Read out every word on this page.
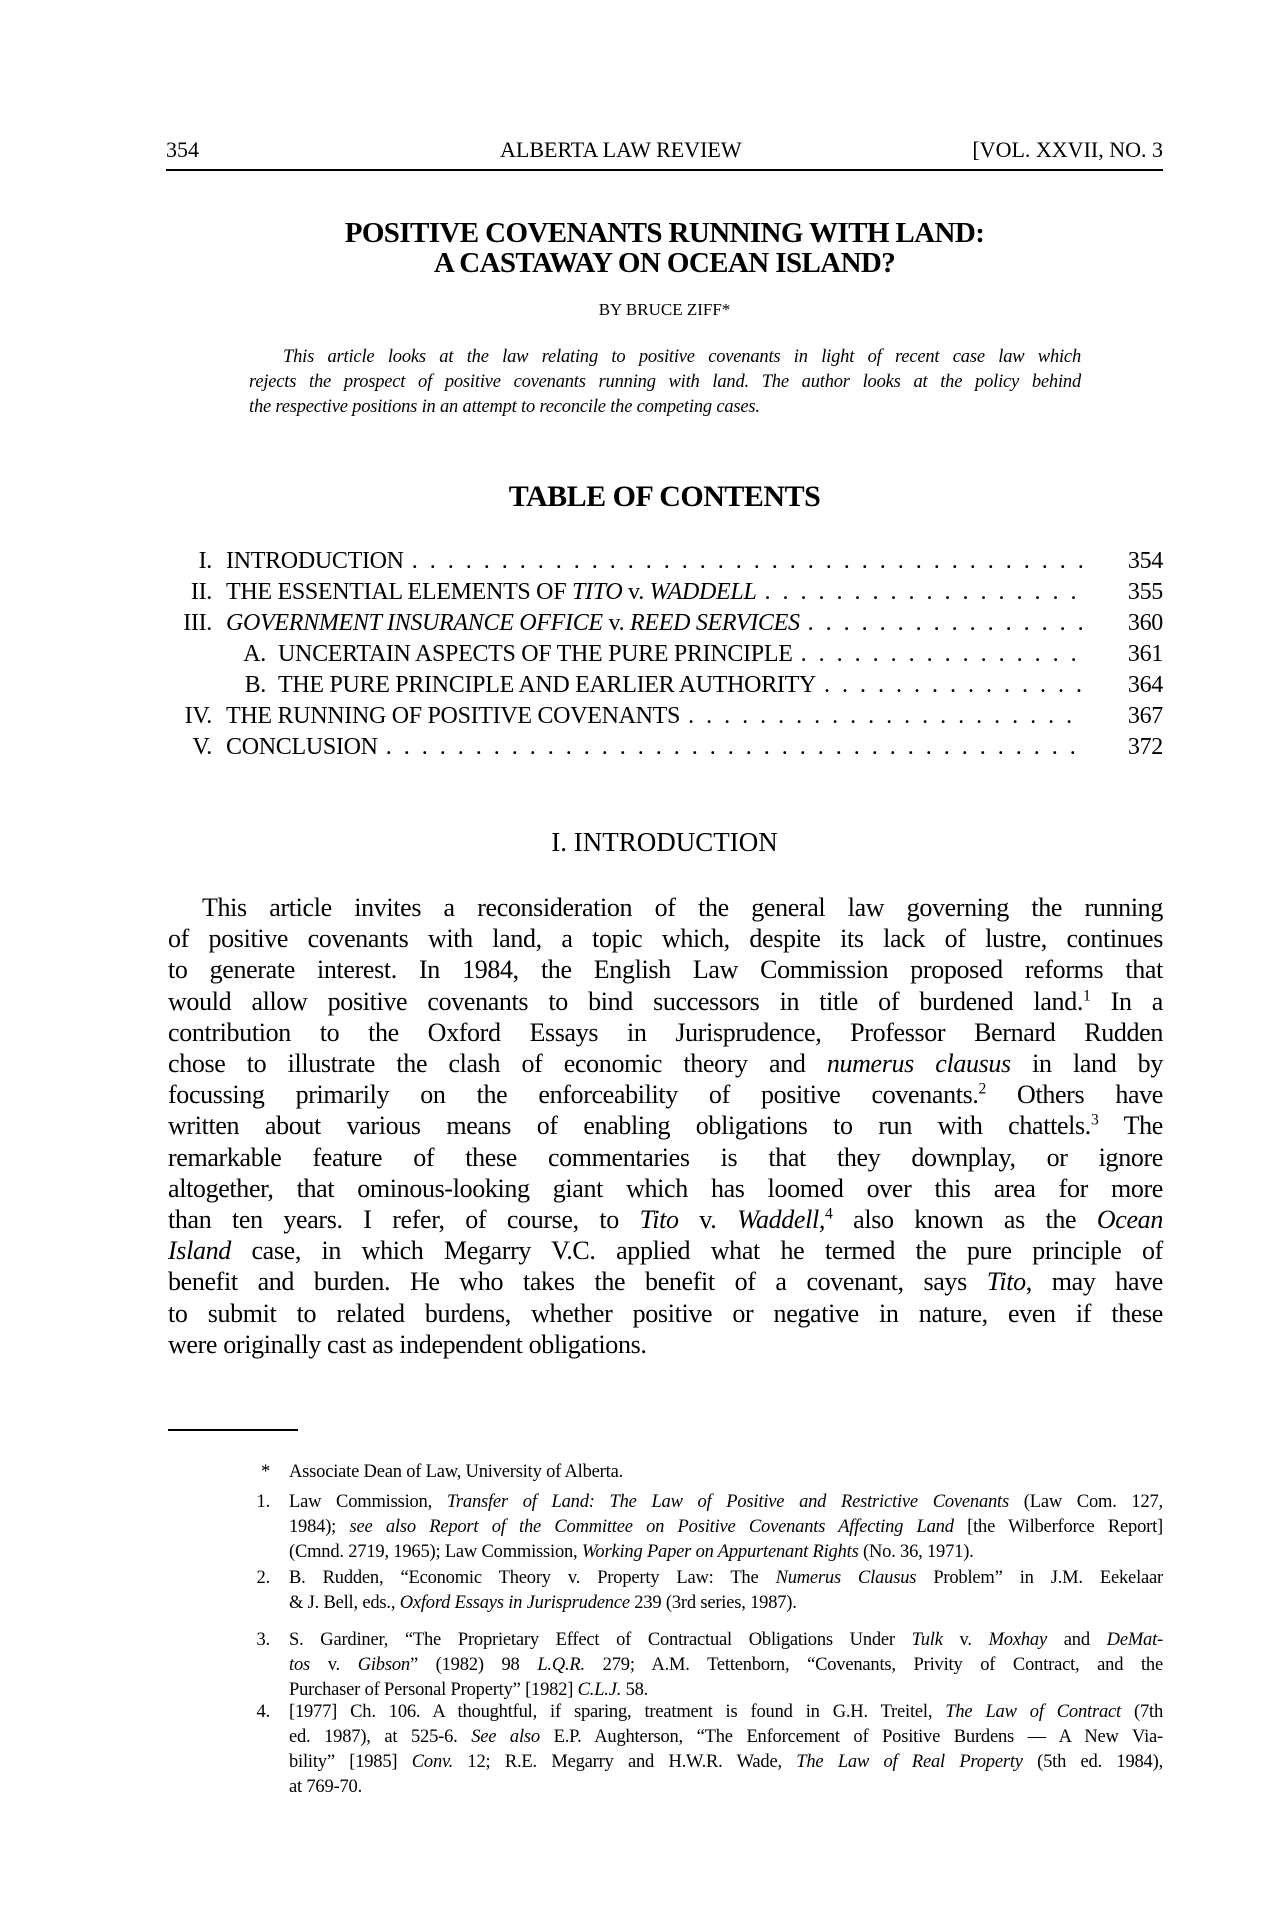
354	ALBERTA LAW REVIEW	[VOL. XXVII, NO. 3
POSITIVE COVENANTS RUNNING WITH LAND:
A CASTAWAY ON OCEAN ISLAND?
BY BRUCE ZIFF*
This article looks at the law relating to positive covenants in light of recent case law which
rejects the prospect of positive covenants running with land. The author looks at the policy behind
the respective positions in an attempt to reconcile the competing cases.
TABLE OF CONTENTS
I. INTRODUCTION . . .	354
II. THE ESSENTIAL ELEMENTS OF TITO v. WADDELL . . .	355
III. GOVERNMENT INSURANCE OFFICE v. REED SERVICES . . .	360
A. UNCERTAIN ASPECTS OF THE PURE PRINCIPLE . . .	361
B. THE PURE PRINCIPLE AND EARLIER AUTHORITY . . .	364
IV. THE RUNNING OF POSITIVE COVENANTS . . .	367
V. CONCLUSION . . .	372
I. INTRODUCTION
This article invites a reconsideration of the general law governing the running
of positive covenants with land, a topic which, despite its lack of lustre, continues
to generate interest. In 1984, the English Law Commission proposed reforms that
would allow positive covenants to bind successors in title of burdened land.$^1$ In a
contribution to the Oxford Essays in Jurisprudence, Professor Bernard Rudden
chose to illustrate the clash of economic theory and numerus clausus in land by
focussing primarily on the enforceability of positive covenants.$^2$ Others have
written about various means of enabling obligations to run with chattels.$^3$ The
remarkable feature of these commentaries is that they downplay, or ignore
altogether, that ominous-looking giant which has loomed over this area for more
than ten years. I refer, of course, to Tito v. Waddell,$^4$ also known as the Ocean
Island case, in which Megarry V.C. applied what he termed the pure principle of
benefit and burden. He who takes the benefit of a covenant, says Tito, may have
to submit to related burdens, whether positive or negative in nature, even if these
were originally cast as independent obligations.
* Associate Dean of Law, University of Alberta.
1. Law Commission, Transfer of Land: The Law of Positive and Restrictive Covenants (Law Com. 127,
1984); see also Report of the Committee on Positive Covenants Affecting Land [the Wilberforce Report]
(Cmnd. 2719, 1965); Law Commission, Working Paper on Appurtenant Rights (No. 36, 1971).
2. B. Rudden, “Economic Theory v. Property Law: The Numerus Clausus Problem” in J.M. Eekelaar
& J. Bell, eds., Oxford Essays in Jurisprudence 239 (3rd series, 1987).
3. S. Gardiner, “The Proprietary Effect of Contractual Obligations Under Tulk v. Moxhay and DeMat-
tos v. Gibson” (1982) 98 L.Q.R. 279; A.M. Tettenborn, “Covenants, Privity of Contract, and the
Purchaser of Personal Property” [1982] C.L.J. 58.
4. [1977] Ch. 106. A thoughtful, if sparing, treatment is found in G.H. Treitel, The Law of Contract (7th
ed. 1987), at 525-6. See also E.P. Aughterson, “The Enforcement of Positive Burdens — A New Via-
bility” [1985] Conv. 12; R.E. Megarry and H.W.R. Wade, The Law of Real Property (5th ed. 1984),
at 769-70.
